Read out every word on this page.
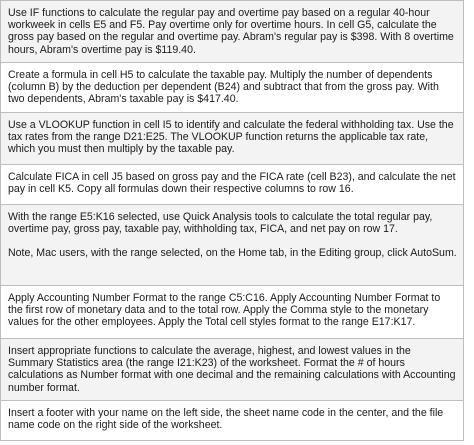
Use IF functions to calculate the regular pay and overtime pay based on a regular 40-hour workweek in cells E5 and F5. Pay overtime only for overtime hours. In cell G5, calculate the gross pay based on the regular and overtime pay. Abram's regular pay is $398. With 8 overtime hours, Abram's overtime pay is $119.40.

Create a formula in cell H5 to calculate the taxable pay. Multiply the number of dependents (column B) by the deduction per dependent (B24) and subtract that from the gross pay. With two dependents, Abram's taxable pay is $417.40.

Use a VLOOKUP function in cell I5 to identify and calculate the federal withholding tax. Use the tax rates from the range D21:E25. The VLOOKUP function returns the applicable tax rate, which you must then multiply by the taxable pay.

Calculate FICA in cell J5 based on gross pay and the FICA rate (cell B23), and calculate the net pay in cell K5. Copy all formulas down their respective columns to row 16.

With the range E5:K16 selected, use Quick Analysis tools to calculate the total regular pay, overtime pay, gross pay, taxable pay, withholding tax, FICA, and net pay on row 17.

Note, Mac users, with the range selected, on the Home tab, in the Editing group, click AutoSum.

Apply Accounting Number Format to the range C5:C16. Apply Accounting Number Format to the first row of monetary data and to the total row. Apply the Comma style to the monetary values for the other employees. Apply the Total cell styles format to the range E17:K17.

Insert appropriate functions to calculate the average, highest, and lowest values in the Summary Statistics area (the range I21:K23) of the worksheet. Format the # of hours calculations as Number format with one decimal and the remaining calculations with Accounting number format.

Insert a footer with your name on the left side, the sheet name code in the center, and the file name code on the right side of the worksheet.
